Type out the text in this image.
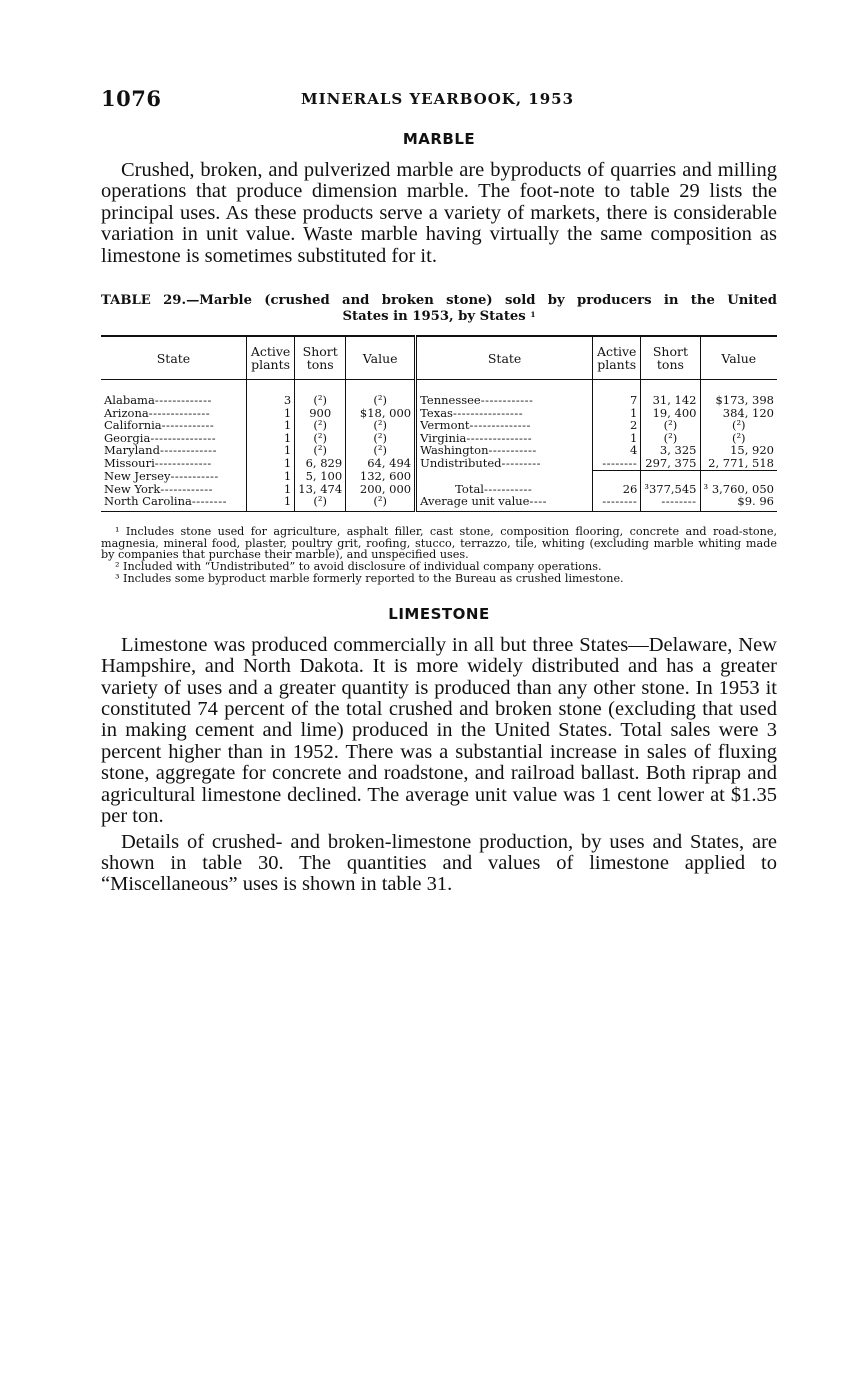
1076	MINERALS YEARBOOK, 1953
MARBLE

Crushed, broken, and pulverized marble are byproducts of quarries and milling operations that produce dimension marble. The foot-note to table 29 lists the principal uses. As these products serve a variety of markets, there is considerable variation in unit value. Waste marble having virtually the same composition as limestone is sometimes substituted for it.

TABLE 29.—Marble (crushed and broken stone) sold by producers in the United
States in 1953, by States $^1$
State	Active plants	Short tons	Value	State	Active plants	Short tons	Value
Alabama-------------	3	(²)	(²)	Tennessee------------	7	31, 142	$173, 398
Arizona--------------	1	900	$18, 000	Texas----------------	1	19, 400	384, 120
California------------	1	(²)	(²)	Vermont--------------	2	(²)	(²)
Georgia---------------	1	(²)	(²)	Virginia---------------	1	(²)	(²)
Maryland-------------	1	(²)	(²)	Washington-----------	4	3, 325	15, 920
Missouri-------------	1	6, 829	64, 494	Undistributed---------	--------	297, 375	2, 771, 518
New Jersey-----------	1	5, 100	132, 600				
New York------------	1	13, 474	200, 000	Total-----------	26	³377,545	³ 3,760, 050
North Carolina--------	1	(²)	(²)	Average unit value----	--------	--------	$9. 96

¹ Includes stone used for agriculture, asphalt filler, cast stone, composition flooring, concrete and road-stone, magnesia, mineral food, plaster, poultry grit, roofing, stucco, terrazzo, tile, whiting (excluding marble whiting made by companies that purchase their marble), and unspecified uses.

² Included with “Undistributed” to avoid disclosure of individual company operations.

³ Includes some byproduct marble formerly reported to the Bureau as crushed limestone.

LIMESTONE

Limestone was produced commercially in all but three States—Delaware, New Hampshire, and North Dakota. It is more widely distributed and has a greater variety of uses and a greater quantity is produced than any other stone. In 1953 it constituted 74 percent of the total crushed and broken stone (excluding that used in making cement and lime) produced in the United States. Total sales were 3 percent higher than in 1952. There was a substantial increase in sales of fluxing stone, aggregate for concrete and roadstone, and railroad ballast. Both riprap and agricultural limestone declined. The average unit value was 1 cent lower at $1.35 per ton.

Details of crushed- and broken-limestone production, by uses and States, are shown in table 30. The quantities and values of limestone applied to “Miscellaneous” uses is shown in table 31.
